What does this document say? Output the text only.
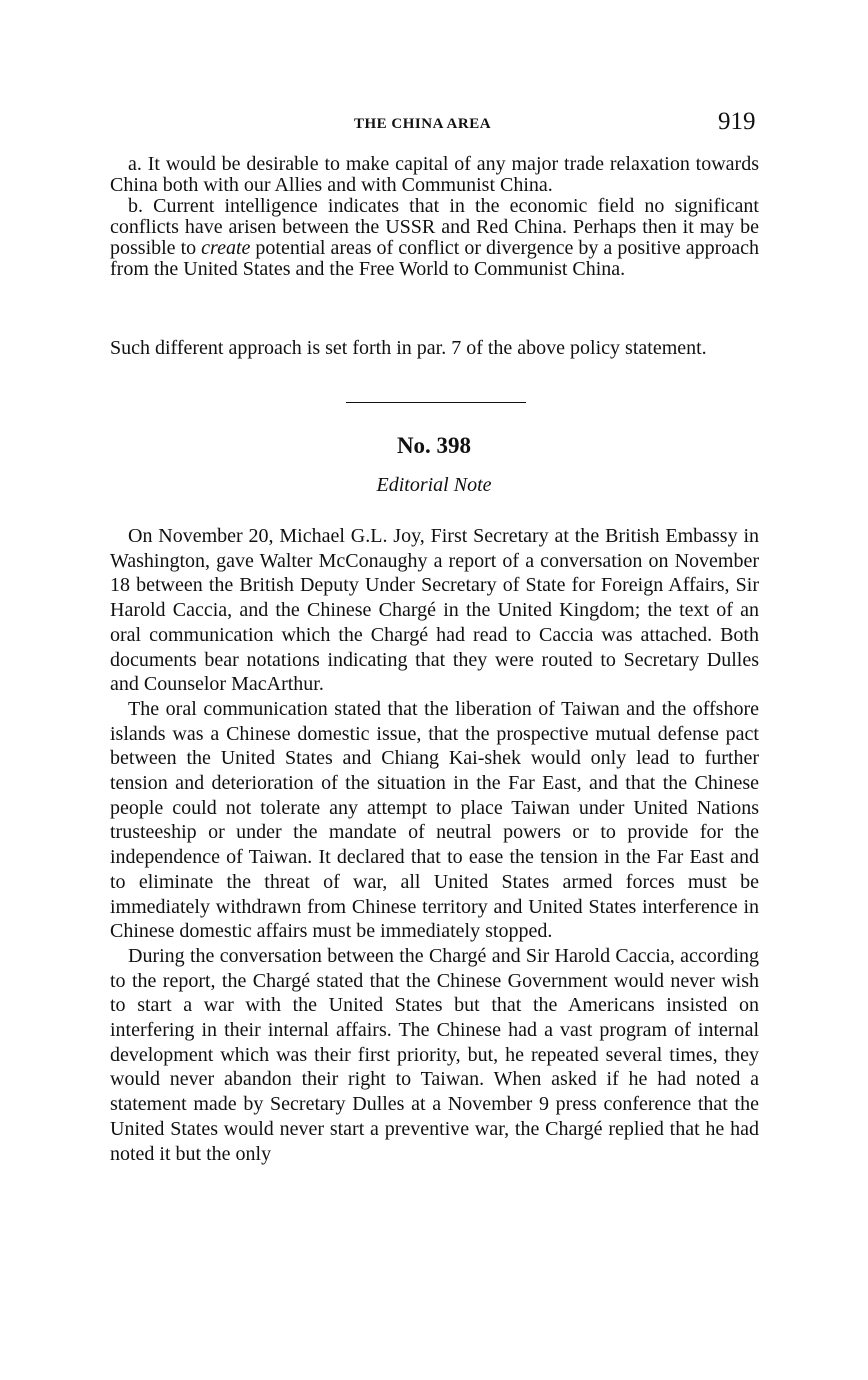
THE CHINA AREA	919

a. It would be desirable to make capital of any major trade relaxation towards China both with our Allies and with Communist China.

b. Current intelligence indicates that in the economic field no significant conflicts have arisen between the USSR and Red China. Perhaps then it may be possible to create potential areas of conflict or divergence by a positive approach from the United States and the Free World to Communist China.

Such different approach is set forth in par. 7 of the above policy statement.

No. 398
Editorial Note

On November 20, Michael G.L. Joy, First Secretary at the British Embassy in Washington, gave Walter McConaughy a report of a conversation on November 18 between the British Deputy Under Secretary of State for Foreign Affairs, Sir Harold Caccia, and the Chinese Chargé in the United Kingdom; the text of an oral communication which the Chargé had read to Caccia was attached. Both documents bear notations indicating that they were routed to Secretary Dulles and Counselor MacArthur.

The oral communication stated that the liberation of Taiwan and the offshore islands was a Chinese domestic issue, that the prospective mutual defense pact between the United States and Chiang Kai-shek would only lead to further tension and deterioration of the situation in the Far East, and that the Chinese people could not tolerate any attempt to place Taiwan under United Nations trusteeship or under the mandate of neutral powers or to provide for the independence of Taiwan. It declared that to ease the tension in the Far East and to eliminate the threat of war, all United States armed forces must be immediately withdrawn from Chinese territory and United States interference in Chinese domestic affairs must be immediately stopped.

During the conversation between the Chargé and Sir Harold Caccia, according to the report, the Chargé stated that the Chinese Government would never wish to start a war with the United States but that the Americans insisted on interfering in their internal affairs. The Chinese had a vast program of internal development which was their first priority, but, he repeated several times, they would never abandon their right to Taiwan. When asked if he had noted a statement made by Secretary Dulles at a November 9 press conference that the United States would never start a preventive war, the Chargé replied that he had noted it but the only
